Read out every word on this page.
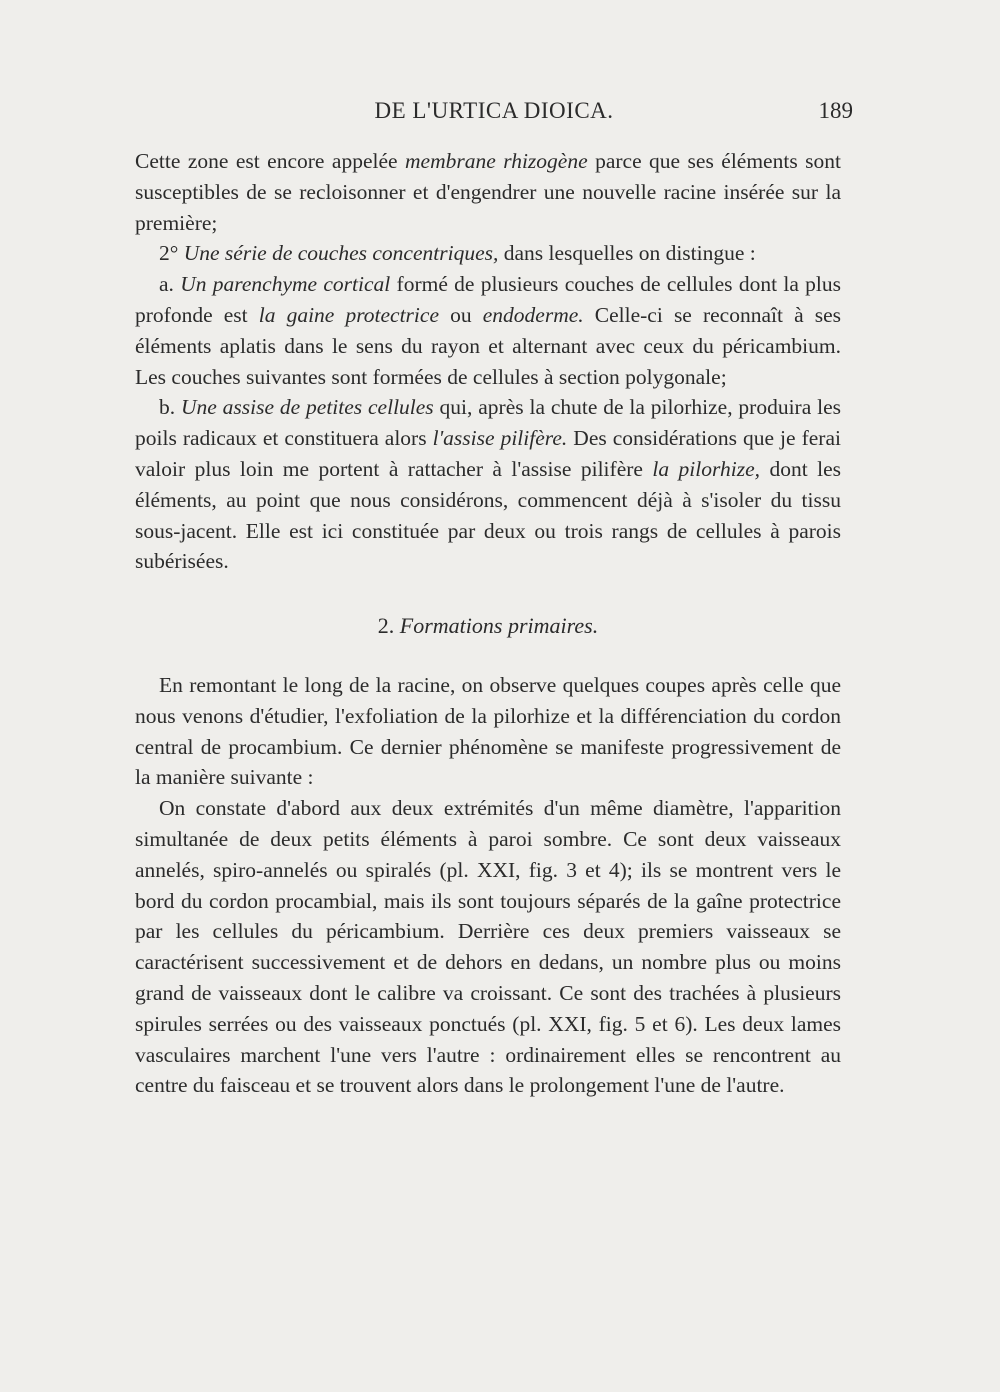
DE L'URTICA DIOICA.	189

Cette zone est encore appelée membrane rhizogène parce que ses éléments sont susceptibles de se recloisonner et d'engendrer une nouvelle racine insérée sur la première;

2° Une série de couches concentriques, dans lesquelles on distingue :

a. Un parenchyme cortical formé de plusieurs couches de cellules dont la plus profonde est la gaine protectrice ou endoderme. Celle-ci se reconnaît à ses éléments aplatis dans le sens du rayon et alternant avec ceux du péricambium. Les couches suivantes sont formées de cellules à section polygonale;

b. Une assise de petites cellules qui, après la chute de la pilorhize, produira les poils radicaux et constituera alors l'assise pilifère. Des considérations que je ferai valoir plus loin me portent à rattacher à l'assise pilifère la pilorhize, dont les éléments, au point que nous considérons, commencent déjà à s'isoler du tissu sous-jacent. Elle est ici constituée par deux ou trois rangs de cellules à parois subérisées.

2. Formations primaires.

En remontant le long de la racine, on observe quelques coupes après celle que nous venons d'étudier, l'exfoliation de la pilorhize et la différenciation du cordon central de procambium. Ce dernier phénomène se manifeste progressivement de la manière suivante :

On constate d'abord aux deux extrémités d'un même diamètre, l'apparition simultanée de deux petits éléments à paroi sombre. Ce sont deux vaisseaux annelés, spiro-annelés ou spiralés (pl. XXI, fig. 3 et 4); ils se montrent vers le bord du cordon procambial, mais ils sont toujours séparés de la gaîne protectrice par les cellules du péricambium. Derrière ces deux premiers vaisseaux se caractérisent successivement et de dehors en dedans, un nombre plus ou moins grand de vaisseaux dont le calibre va croissant. Ce sont des trachées à plusieurs spirules serrées ou des vaisseaux ponctués (pl. XXI, fig. 5 et 6). Les deux lames vasculaires marchent l'une vers l'autre : ordinairement elles se rencontrent au centre du faisceau et se trouvent alors dans le prolongement l'une de l'autre.
